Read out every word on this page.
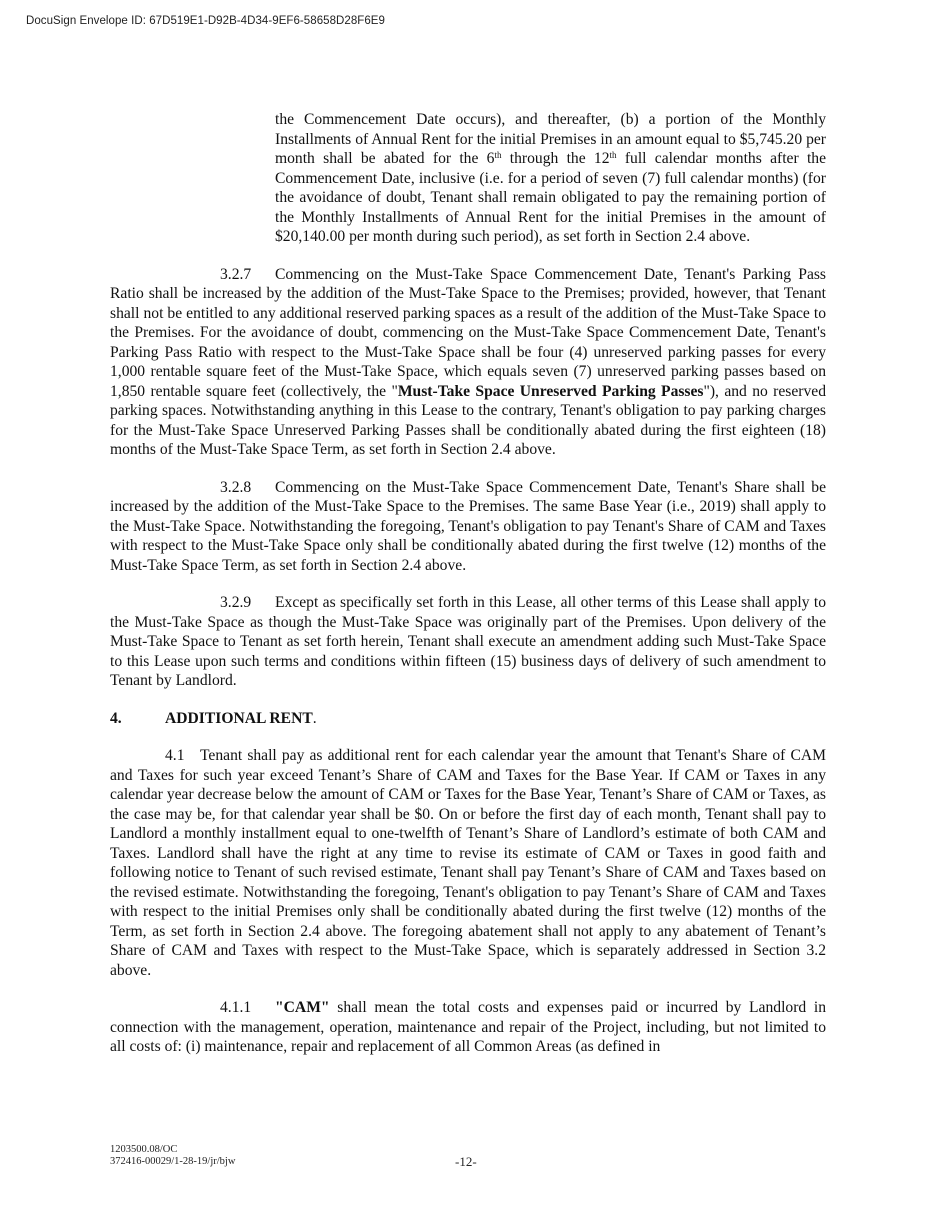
DocuSign Envelope ID: 67D519E1-D92B-4D34-9EF6-58658D28F6E9

the Commencement Date occurs), and thereafter, (b) a portion of the Monthly Installments of Annual Rent for the initial Premises in an amount equal to $5,745.20 per month shall be abated for the 6th through the 12th full calendar months after the Commencement Date, inclusive (i.e. for a period of seven (7) full calendar months) (for the avoidance of doubt, Tenant shall remain obligated to pay the remaining portion of the Monthly Installments of Annual Rent for the initial Premises in the amount of $20,140.00 per month during such period), as set forth in Section 2.4 above.

3.2.7 Commencing on the Must-Take Space Commencement Date, Tenant's Parking Pass Ratio shall be increased by the addition of the Must-Take Space to the Premises; provided, however, that Tenant shall not be entitled to any additional reserved parking spaces as a result of the addition of the Must-Take Space to the Premises. For the avoidance of doubt, commencing on the Must-Take Space Commencement Date, Tenant's Parking Pass Ratio with respect to the Must-Take Space shall be four (4) unreserved parking passes for every 1,000 rentable square feet of the Must-Take Space, which equals seven (7) unreserved parking passes based on 1,850 rentable square feet (collectively, the "Must-Take Space Unreserved Parking Passes"), and no reserved parking spaces. Notwithstanding anything in this Lease to the contrary, Tenant's obligation to pay parking charges for the Must-Take Space Unreserved Parking Passes shall be conditionally abated during the first eighteen (18) months of the Must-Take Space Term, as set forth in Section 2.4 above.

3.2.8 Commencing on the Must-Take Space Commencement Date, Tenant's Share shall be increased by the addition of the Must-Take Space to the Premises. The same Base Year (i.e., 2019) shall apply to the Must-Take Space. Notwithstanding the foregoing, Tenant's obligation to pay Tenant's Share of CAM and Taxes with respect to the Must-Take Space only shall be conditionally abated during the first twelve (12) months of the Must-Take Space Term, as set forth in Section 2.4 above.

3.2.9 Except as specifically set forth in this Lease, all other terms of this Lease shall apply to the Must-Take Space as though the Must-Take Space was originally part of the Premises. Upon delivery of the Must-Take Space to Tenant as set forth herein, Tenant shall execute an amendment adding such Must-Take Space to this Lease upon such terms and conditions within fifteen (15) business days of delivery of such amendment to Tenant by Landlord.

4.	ADDITIONAL RENT.

4.1 Tenant shall pay as additional rent for each calendar year the amount that Tenant's Share of CAM and Taxes for such year exceed Tenant’s Share of CAM and Taxes for the Base Year. If CAM or Taxes in any calendar year decrease below the amount of CAM or Taxes for the Base Year, Tenant’s Share of CAM or Taxes, as the case may be, for that calendar year shall be $0. On or before the first day of each month, Tenant shall pay to Landlord a monthly installment equal to one-twelfth of Tenant’s Share of Landlord’s estimate of both CAM and Taxes. Landlord shall have the right at any time to revise its estimate of CAM or Taxes in good faith and following notice to Tenant of such revised estimate, Tenant shall pay Tenant’s Share of CAM and Taxes based on the revised estimate. Notwithstanding the foregoing, Tenant's obligation to pay Tenant’s Share of CAM and Taxes with respect to the initial Premises only shall be conditionally abated during the first twelve (12) months of the Term, as set forth in Section 2.4 above. The foregoing abatement shall not apply to any abatement of Tenant’s Share of CAM and Taxes with respect to the Must-Take Space, which is separately addressed in Section 3.2 above.

4.1.1 "CAM" shall mean the total costs and expenses paid or incurred by Landlord in connection with the management, operation, maintenance and repair of the Project, including, but not limited to all costs of: (i) maintenance, repair and replacement of all Common Areas (as defined in

1203500.08/OC
372416-00029/1-28-19/jr/bjw	-12-
